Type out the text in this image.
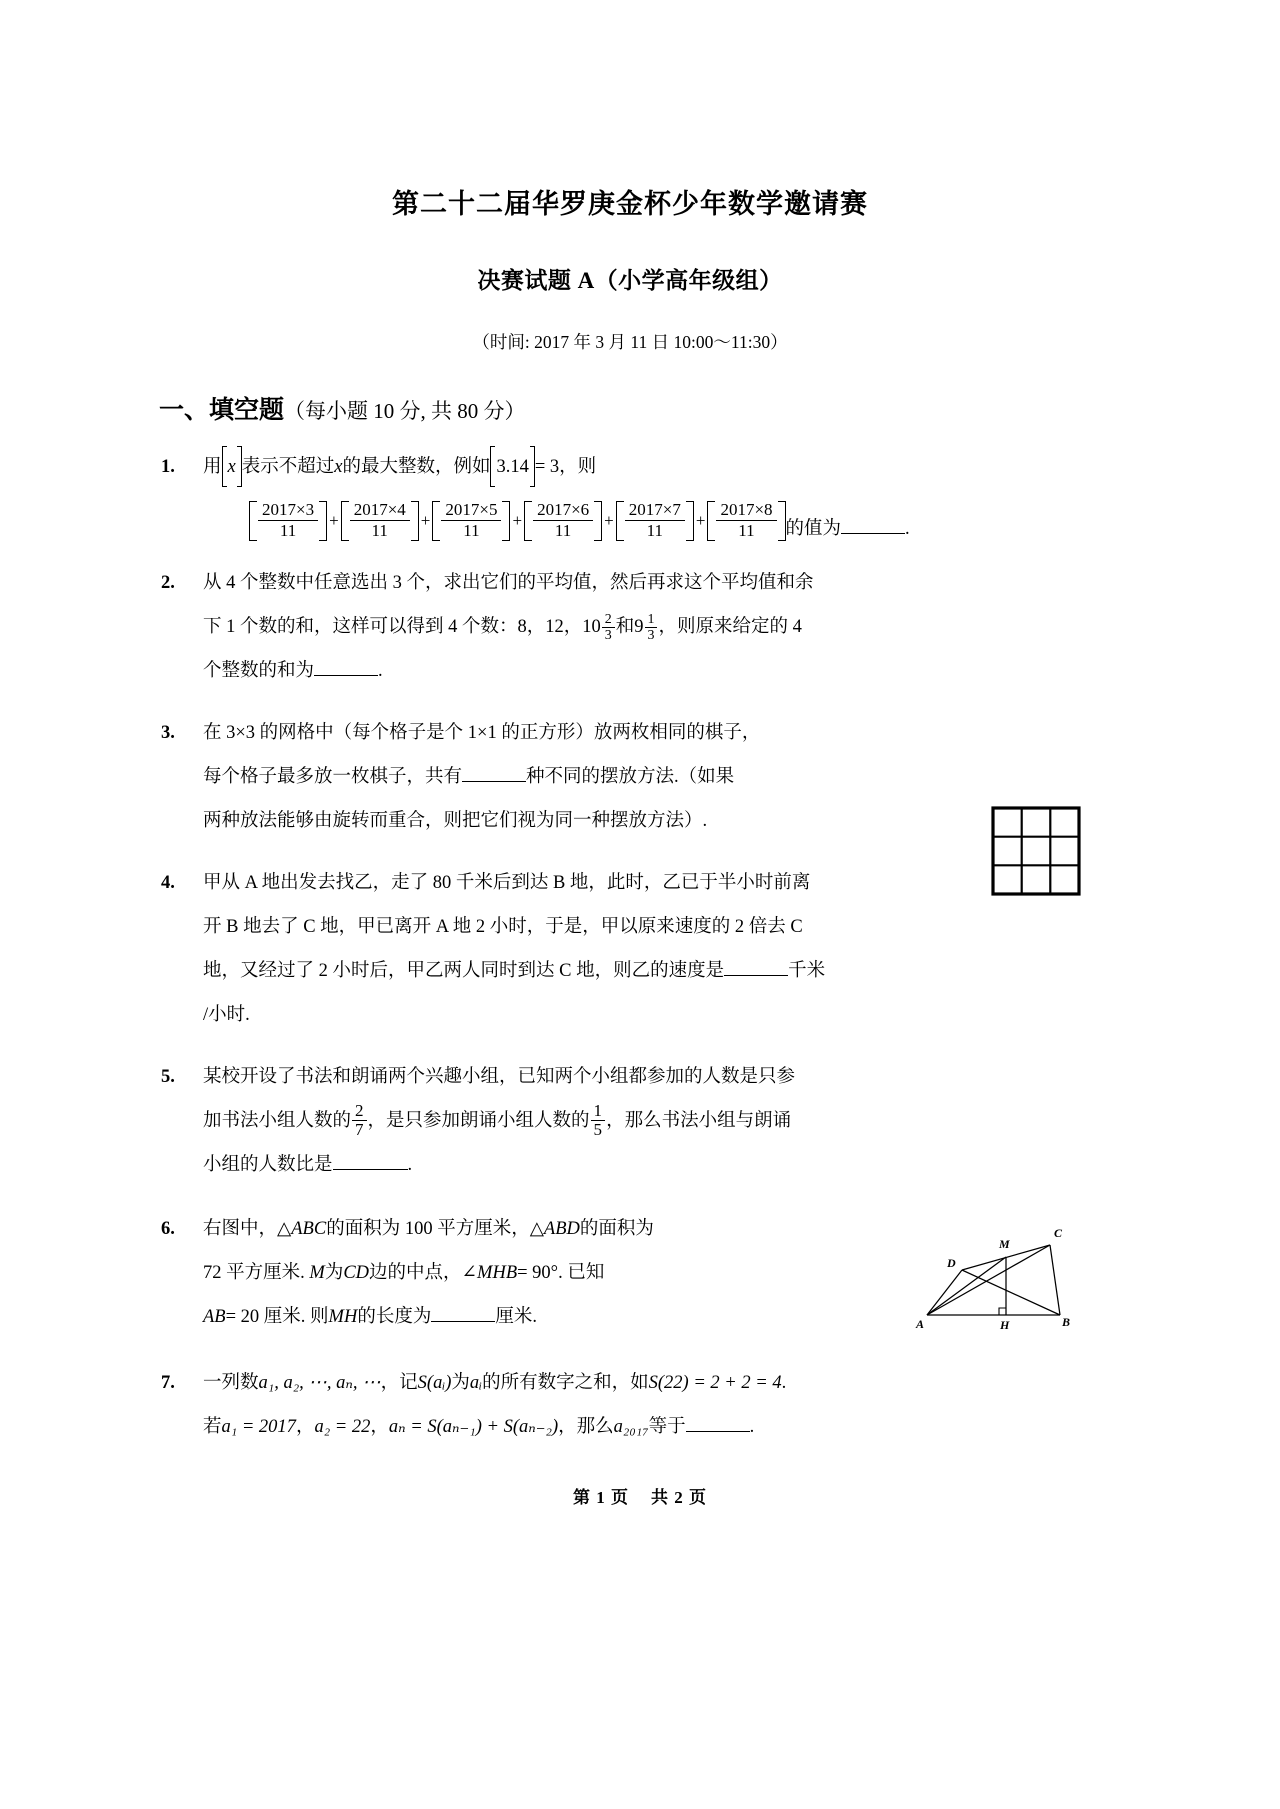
第二十二届华罗庚金杯少年数学邀请赛
决赛试题 A（小学高年级组）
（时间: 2017 年 3 月 11 日 10:00～11:30）
一、填空题（每小题 10 分, 共 80 分）
1. 用 x 表示不超过x的最大整数，例如 3.14 = 3，则
$\frac{2017\times 3}{11} + \frac{2017\times 4}{11} + \frac{2017\times 5}{11} + \frac{2017\times 6}{11} + \frac{2017\times 7}{11} + \frac{2017\times 8}{11}$ 的值为	.
2. 从 4 个整数中任意选出 3 个，求出它们的平均值，然后再求这个平均值和余
下 1 个数的和，这样可以得到 4 个数：8，12，$10 \frac{2}{3}$ 和$9 \frac{1}{3}$ ，则原来给定的 4
个整数的和为	.
3. 在 3×3 的网格中（每个格子是个 1×1 的正方形）放两枚相同的棋子，
每个格子最多放一枚棋子，共有	种不同的摆放方法.（如果
两种放法能够由旋转而重合，则把它们视为同一种摆放方法）.
4. 甲从 A 地出发去找乙，走了 80 千米后到达 B 地，此时，乙已于半小时前离
开 B 地去了 C 地，甲已离开 A 地 2 小时，于是，甲以原来速度的 2 倍去 C
地，又经过了 2 小时后，甲乙两人同时到达 C 地，则乙的速度是	千米
/小时.
5. 某校开设了书法和朗诵两个兴趣小组，已知两个小组都参加的人数是只参
加书法小组人数的 $\frac{2}{7}$ ，是只参加朗诵小组人数的 $\frac{1}{5}$ ，那么书法小组与朗诵
小组的人数比是	.
6. 右图中，△ABC的面积为 100 平方厘米，△ABD的面积为
72 平方厘米. M为CD边的中点，∠MHB= 90°. 已知
AB= 20 厘米. 则MH的长度为	厘米.	A	B
C
D
M
H
7. 一列数a₁, a₂, ⋯, aₙ, ⋯，记S(aᵢ)为aᵢ的所有数字之和，如S(22) = 2 + 2 = 4.
若a₁ = 2017，a₂ = 22，aₙ = S(aₙ₋₁) + S(aₙ₋₂)，那么a₂₀₁₇等于	.
第 1 页 共 2 页
